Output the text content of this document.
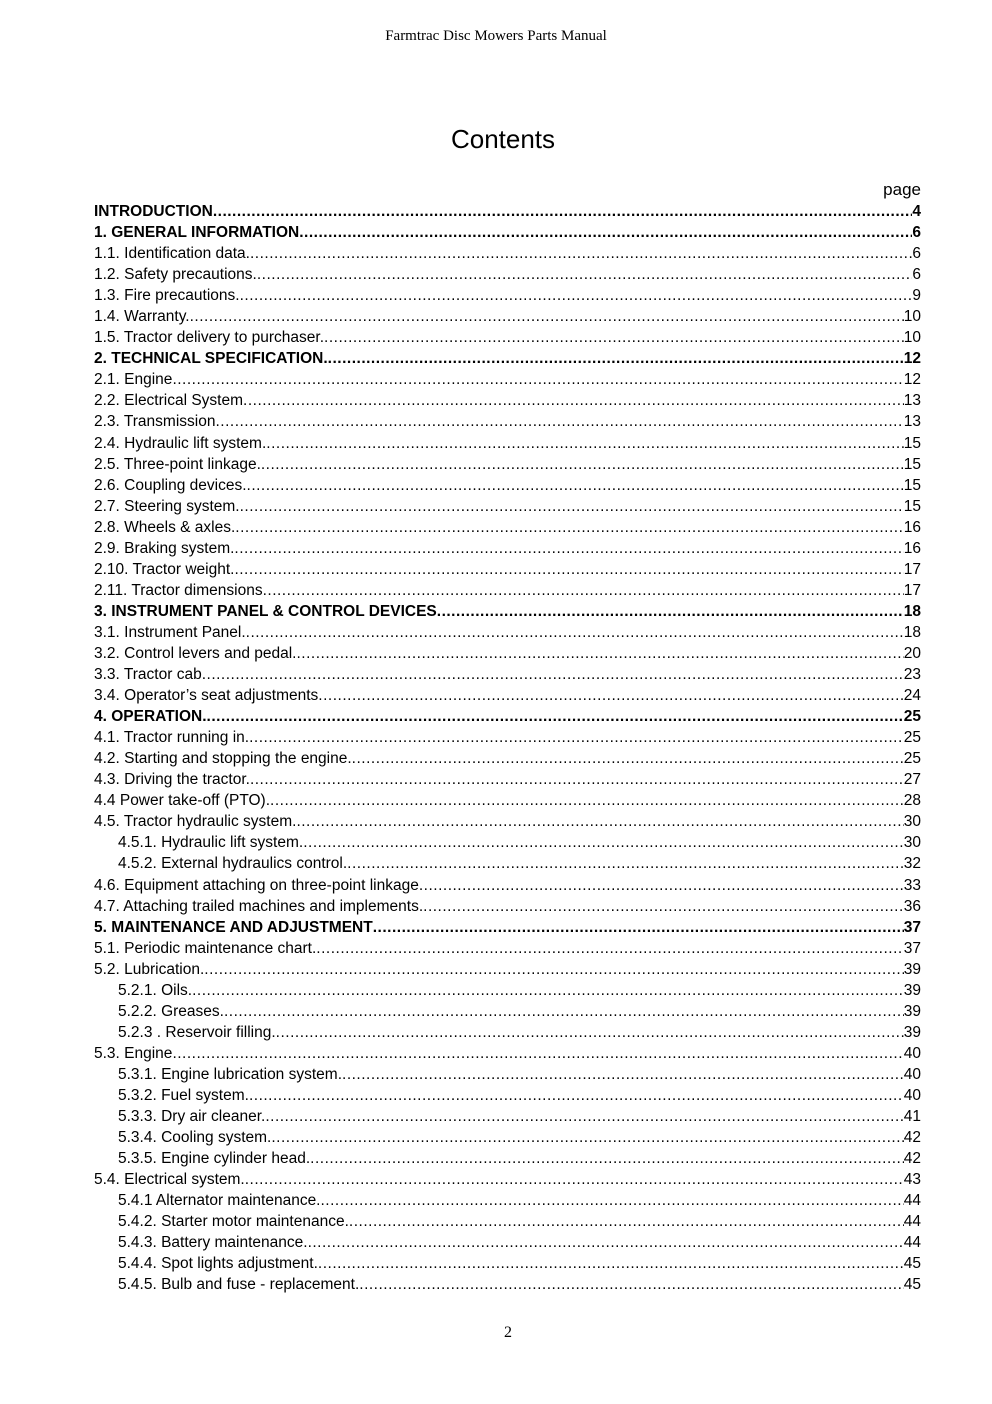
Farmtrac Disc Mowers Parts Manual
Contents
page
INTRODUCTION .....	4
1. GENERAL INFORMATION .....	6
1.1. Identification data. .....	6
1.2. Safety precautions. .....	6
1.3. Fire precautions. .....	9
1.4. Warranty. .....	10
1.5. Tractor delivery to purchaser. .....	10
2. TECHNICAL SPECIFICATION. .....	12
2.1. Engine .....	12
2.2. Electrical System .....	13
2.3. Transmission .....	13
2.4. Hydraulic lift system. .....	15
2.5. Three-point linkage. .....	15
2.6. Coupling devices. .....	15
2.7. Steering system. .....	15
2.8. Wheels & axles. .....	16
2.9. Braking system. .....	16
2.10. Tractor weight. .....	17
2.11. Tractor dimensions .....	17
3. INSTRUMENT PANEL & CONTROL DEVICES .....	18
3.1. Instrument Panel. .....	18
3.2. Control levers and pedal. .....	20
3.3. Tractor cab .....	23
3.4. Operator’s seat adjustments .....	24
4. OPERATION. .....	25
4.1. Tractor running in. .....	25
4.2. Starting and stopping the engine. .....	25
4.3. Driving the tractor. .....	27
4.4 Power take-off (PTO). .....	28
4.5. Tractor hydraulic system. .....	30
4.5.1. Hydraulic lift system. .....	30
4.5.2. External hydraulics control. .....	32
4.6. Equipment attaching on three-point linkage .....	33
4.7. Attaching trailed machines and implements. .....	36
5. MAINTENANCE AND ADJUSTMENT .....	37
5.1. Periodic maintenance chart. .....	37
5.2. Lubrication. .....	39
5.2.1. Oils. .....	39
5.2.2. Greases. .....	39
5.2.3 . Reservoir filling. .....	39
5.3. Engine .....	40
5.3.1. Engine lubrication system. .....	40
5.3.2. Fuel system. .....	40
5.3.3. Dry air cleaner. .....	41
5.3.4. Cooling system. .....	42
5.3.5. Engine cylinder head. .....	42
5.4. Electrical system. .....	43
5.4.1 Alternator maintenance. .....	44
5.4.2. Starter motor maintenance. .....	44
5.4.3. Battery maintenance. .....	44
5.4.4. Spot lights adjustment. .....	45
5.4.5. Bulb and fuse - replacement. .....	45
2
